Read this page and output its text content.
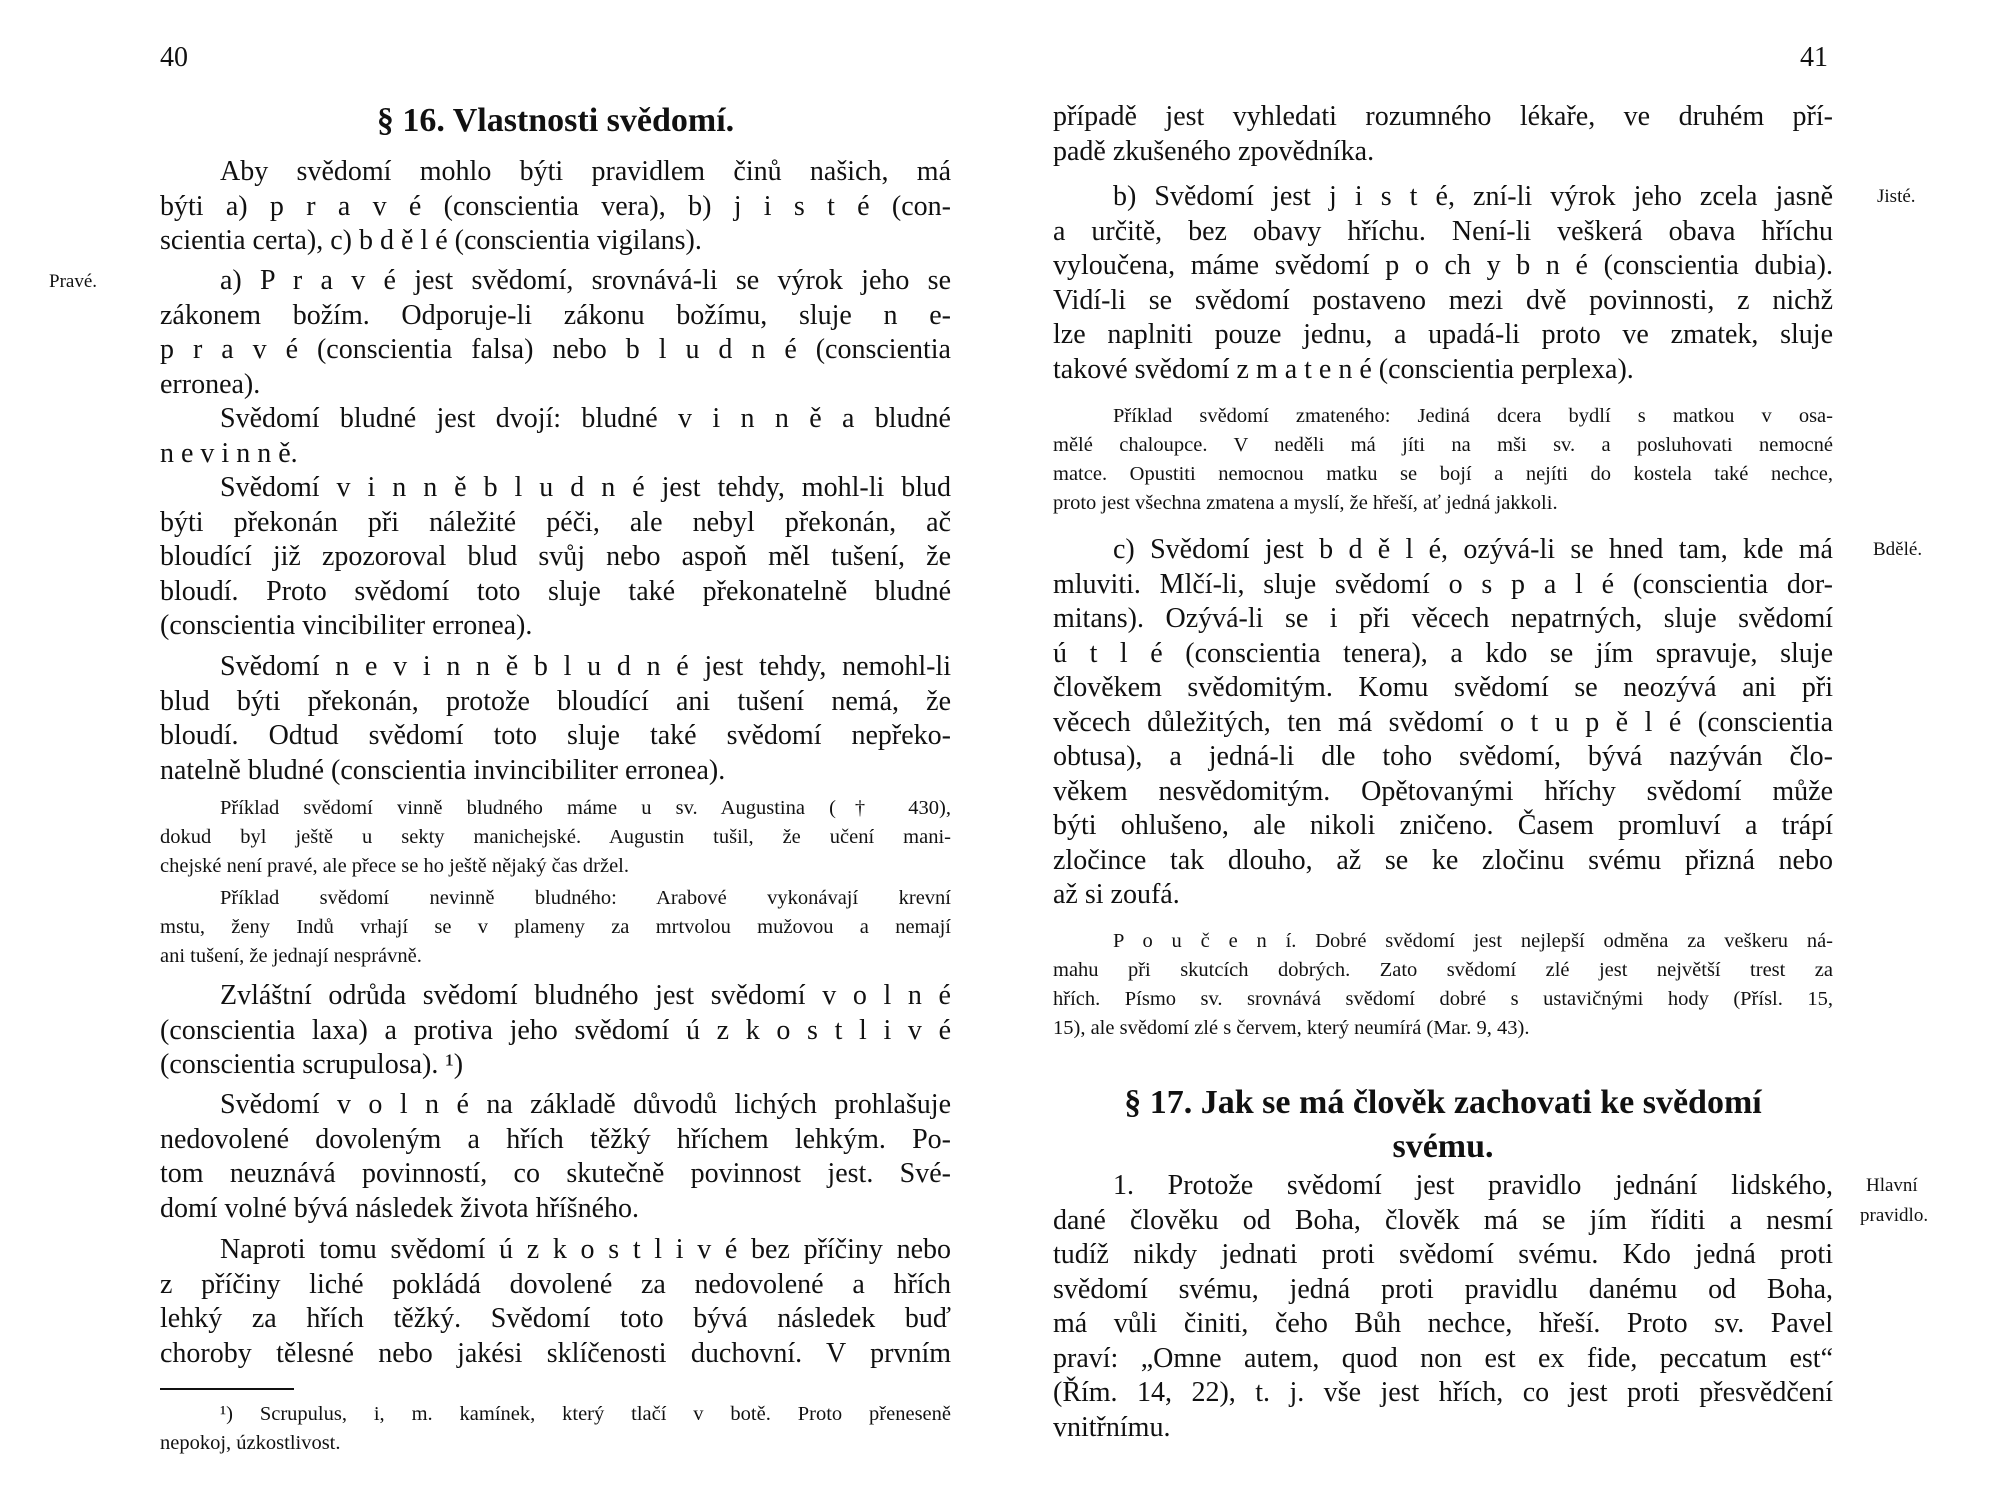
40
§ 16. Vlastnosti svědomí.
Pravé.
Aby svědomí mohlo býti pravidlem činů našich, má
býti a) p r a v é (conscientia vera), b) j i s t é (con-
scientia certa), c) b d ě l é (conscientia vigilans).
a) P r a v é jest svědomí, srovnává-li se výrok jeho se
zákonem božím. Odporuje-li zákonu božímu, sluje n e-
p r a v é (conscientia falsa) nebo b l u d n é (conscientia
erronea).
Svědomí bludné jest dvojí: bludné v i n n ě a bludné
n e v i n n ě.
Svědomí v i n n ě b l u d n é jest tehdy, mohl-li blud
býti překonán při náležité péči, ale nebyl překonán, ač
bloudící již zpozoroval blud svůj nebo aspoň měl tušení, že
bloudí. Proto svědomí toto sluje také překonatelně bludné
(conscientia vincibiliter erronea).
Svědomí n e v i n n ě b l u d n é jest tehdy, nemohl-li
blud býti překonán, protože bloudící ani tušení nemá, že
bloudí. Odtud svědomí toto sluje také svědomí nepřeko-
natelně bludné (conscientia invincibiliter erronea).
Příklad svědomí vinně bludného máme u sv. Augustina († 430),
dokud byl ještě u sekty manichejské. Augustin tušil, že učení mani-
chejské není pravé, ale přece se ho ještě nějaký čas držel.
Příklad svědomí nevinně bludného: Arabové vykonávají krevní
mstu, ženy Indů vrhají se v plameny za mrtvolou mužovou a nemají
ani tušení, že jednají nesprávně.
Zvláštní odrůda svědomí bludného jest svědomí v o l n é
(conscientia laxa) a protiva jeho svědomí ú z k o s t l i v é
(conscientia scrupulosa). ¹)
Svědomí v o l n é na základě důvodů lichých prohlašuje
nedovolené dovoleným a hřích těžký hříchem lehkým. Po-
tom neuznává povinností, co skutečně povinnost jest. Své-
domí volné bývá následek života hříšného.
Naproti tomu svědomí ú z k o s t l i v é bez příčiny nebo
z příčiny liché pokládá dovolené za nedovolené a hřích
lehký za hřích těžký. Svědomí toto bývá následek buď
choroby tělesné nebo jakési sklíčenosti duchovní. V prvním
¹) Scrupulus, i, m. kamínek, který tlačí v botě. Proto přeneseně
nepokoj, úzkostlivost.
41
Jisté.
Bdělé.
Hlavní
pravidlo.
§ 17. Jak se má člověk zachovati ke svědomí
svému.
případě jest vyhledati rozumného lékaře, ve druhém pří-
padě zkušeného zpovědníka.
b) Svědomí jest j i s t é, zní-li výrok jeho zcela jasně
a určitě, bez obavy hříchu. Není-li veškerá obava hříchu
vyloučena, máme svědomí p o ch y b n é (conscientia dubia).
Vidí-li se svědomí postaveno mezi dvě povinnosti, z nichž
lze naplniti pouze jednu, a upadá-li proto ve zmatek, sluje
takové svědomí z m a t e n é (conscientia perplexa).
Příklad svědomí zmateného: Jediná dcera bydlí s matkou v osa-
mělé chaloupce. V neděli má jíti na mši sv. a posluhovati nemocné
matce. Opustiti nemocnou matku se bojí a nejíti do kostela také nechce,
proto jest všechna zmatena a myslí, že hřeší, ať jedná jakkoli.
c) Svědomí jest b d ě l é, ozývá-li se hned tam, kde má
mluviti. Mlčí-li, sluje svědomí o s p a l é (conscientia dor-
mitans). Ozývá-li se i při věcech nepatrných, sluje svědomí
ú t l é (conscientia tenera), a kdo se jím spravuje, sluje
člověkem svědomitým. Komu svědomí se neozývá ani při
věcech důležitých, ten má svědomí o t u p ě l é (conscientia
obtusa), a jedná-li dle toho svědomí, bývá nazýván člo-
věkem nesvědomitým. Opětovanými hříchy svědomí může
býti ohlušeno, ale nikoli zničeno. Časem promluví a trápí
zločince tak dlouho, až se ke zločinu svému přizná nebo
až si zoufá.
P o u č e n í. Dobré svědomí jest nejlepší odměna za veškeru ná-
mahu při skutcích dobrých. Zato svědomí zlé jest největší trest za
hřích. Písmo sv. srovnává svědomí dobré s ustavičnými hody (Přísl. 15,
15), ale svědomí zlé s červem, který neumírá (Mar. 9, 43).
1. Protože svědomí jest pravidlo jednání lidského,
dané člověku od Boha, člověk má se jím říditi a nesmí
tudíž nikdy jednati proti svědomí svému. Kdo jedná proti
svědomí svému, jedná proti pravidlu danému od Boha,
má vůli činiti, čeho Bůh nechce, hřeší. Proto sv. Pavel
praví: „Omne autem, quod non est ex fide, peccatum est“
(Řím. 14, 22), t. j. vše jest hřích, co jest proti přesvědčení
vnitřnímu.
